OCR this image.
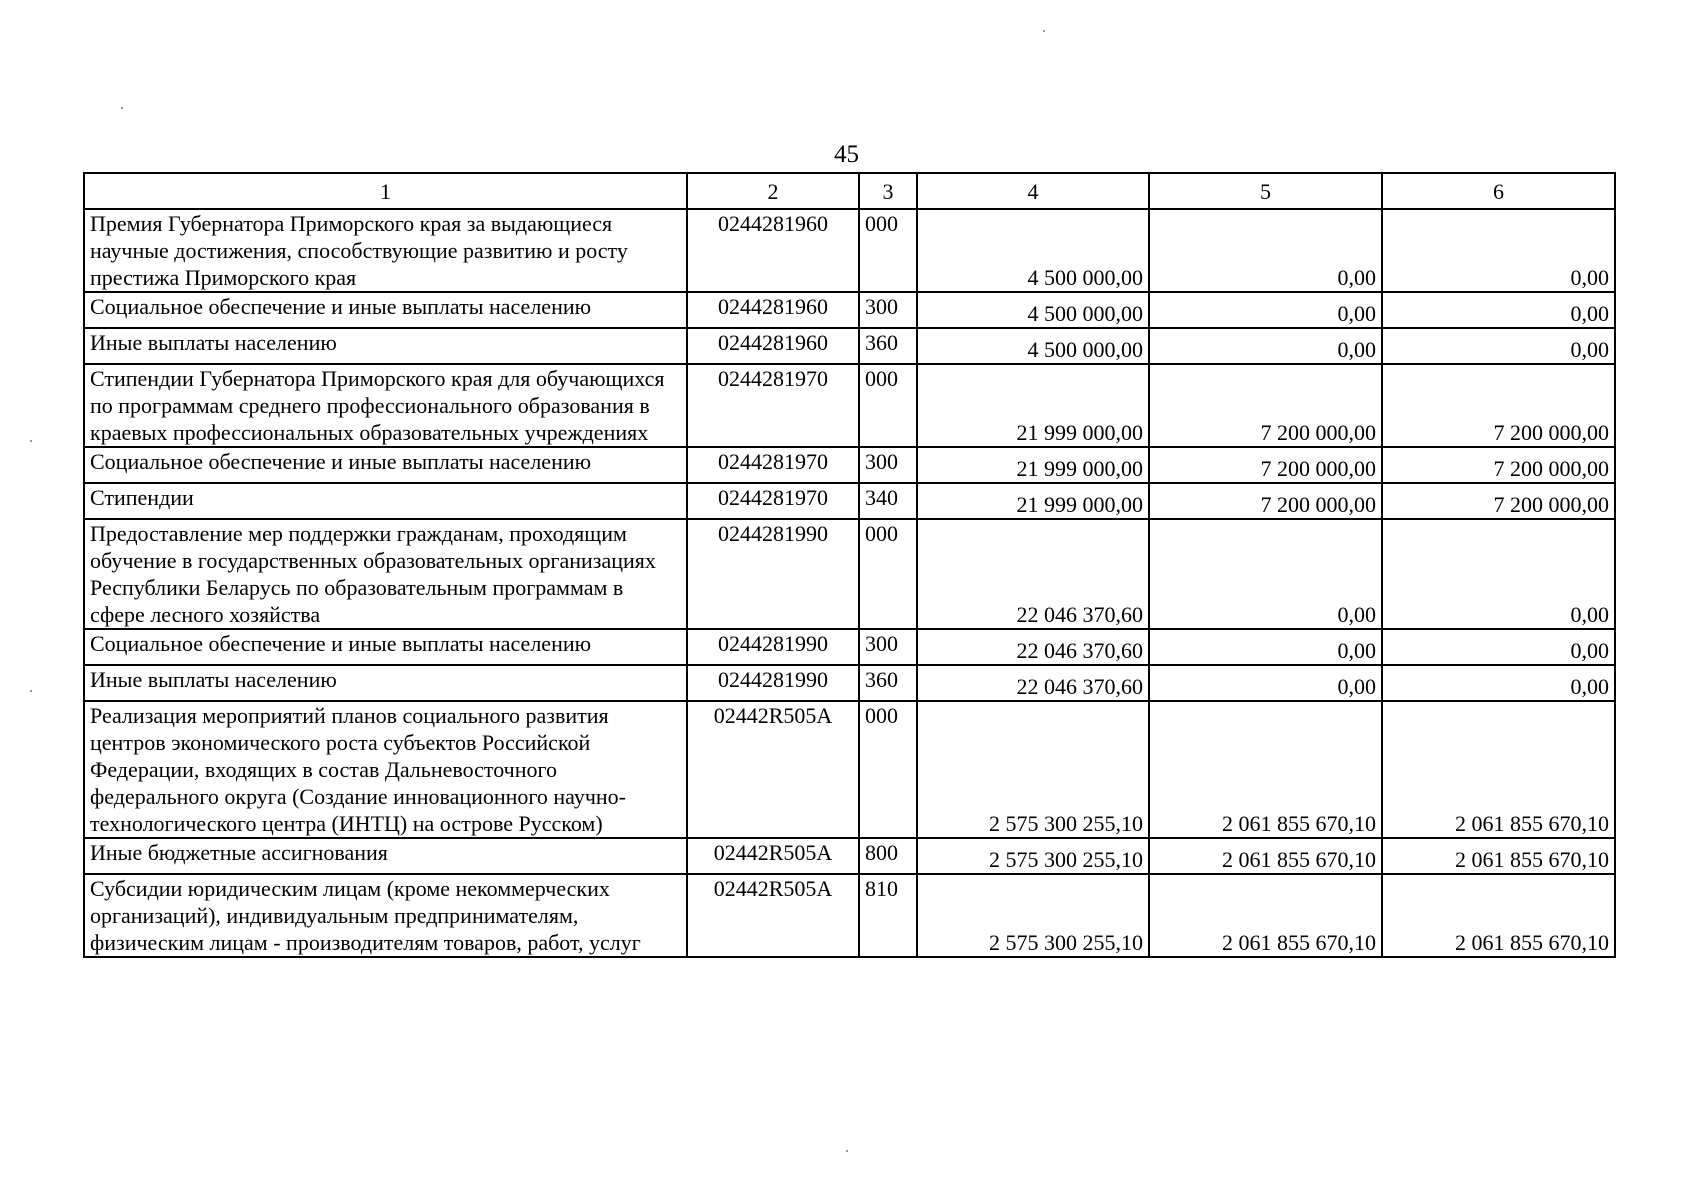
45
1	2	3	4	5	6
Премия Губернатора Приморского края за выдающиеся научные достижения, способствующие развитию и росту престижа Приморского края	0244281960	000	4 500 000,00	0,00	0,00
Социальное обеспечение и иные выплаты населению	0244281960	300	4 500 000,00	0,00	0,00
Иные выплаты населению	0244281960	360	4 500 000,00	0,00	0,00
Стипендии Губернатора Приморского края для обучающихся по программам среднего профессионального образования в краевых профессиональных образовательных учреждениях	0244281970	000	21 999 000,00	7 200 000,00	7 200 000,00
Социальное обеспечение и иные выплаты населению	0244281970	300	21 999 000,00	7 200 000,00	7 200 000,00
Стипендии	0244281970	340	21 999 000,00	7 200 000,00	7 200 000,00
Предоставление мер поддержки гражданам, проходящим обучение в государственных образовательных организациях Республики Беларусь по образовательным программам в сфере лесного хозяйства	0244281990	000	22 046 370,60	0,00	0,00
Социальное обеспечение и иные выплаты населению	0244281990	300	22 046 370,60	0,00	0,00
Иные выплаты населению	0244281990	360	22 046 370,60	0,00	0,00
Реализация мероприятий планов социального развития центров экономического роста субъектов Российской Федерации, входящих в состав Дальневосточного федерального округа (Создание инновационного научно-технологического центра (ИНТЦ) на острове Русском)	02442R505A	000	2 575 300 255,10	2 061 855 670,10	2 061 855 670,10
Иные бюджетные ассигнования	02442R505A	800	2 575 300 255,10	2 061 855 670,10	2 061 855 670,10
Субсидии юридическим лицам (кроме некоммерческих организаций), индивидуальным предпринимателям, физическим лицам - производителям товаров, работ, услуг	02442R505A	810	2 575 300 255,10	2 061 855 670,10	2 061 855 670,10
